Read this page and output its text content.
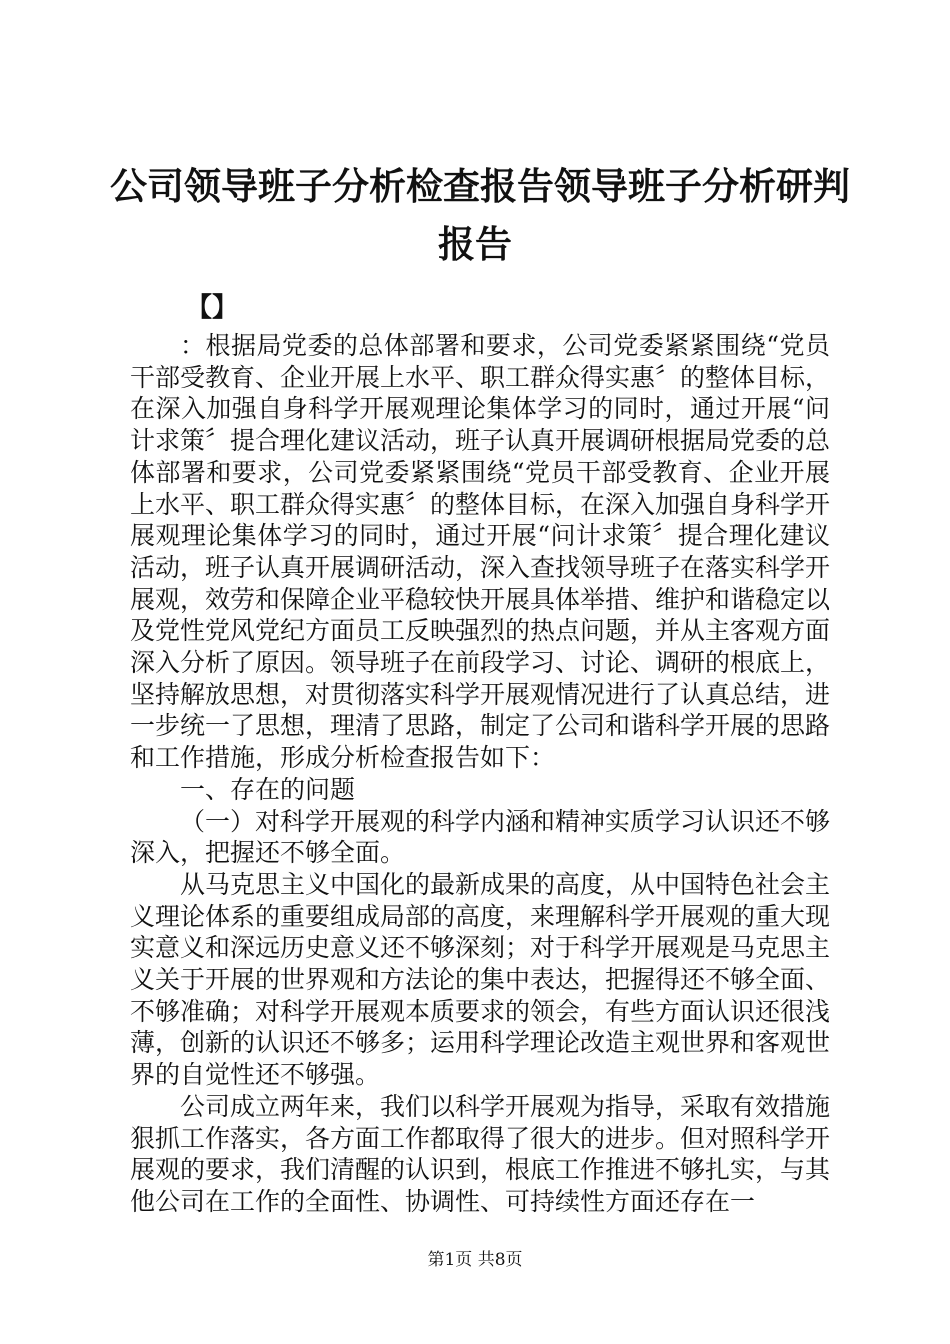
公司领导班子分析检查报告领导班子分析研判
报告
【】

：根据局党委的总体部署和要求，公司党委紧紧围绕“党员干部受教育、企业开展上水平、职工群众得实惠〞的整体目标，在深入加强自身科学开展观理论集体学习的同时，通过开展“问计求策〞提合理化建议活动，班子认真开展调研根据局党委的总体部署和要求，公司党委紧紧围绕“党员干部受教育、企业开展上水平、职工群众得实惠〞的整体目标，在深入加强自身科学开展观理论集体学习的同时，通过开展“问计求策〞提合理化建议活动，班子认真开展调研活动，深入查找领导班子在落实科学开展观，效劳和保障企业平稳较快开展具体举措、维护和谐稳定以及党性党风党纪方面员工反映强烈的热点问题，并从主客观方面深入分析了原因。领导班子在前段学习、讨论、调研的根底上，坚持解放思想，对贯彻落实科学开展观情况进行了认真总结，进一步统一了思想，理清了思路，制定了公司和谐科学开展的思路和工作措施，形成分析检查报告如下：

一、存在的问题

（一）对科学开展观的科学内涵和精神实质学习认识还不够深入，把握还不够全面。

从马克思主义中国化的最新成果的高度，从中国特色社会主义理论体系的重要组成局部的高度，来理解科学开展观的重大现实意义和深远历史意义还不够深刻；对于科学开展观是马克思主义关于开展的世界观和方法论的集中表达，把握得还不够全面、不够准确；对科学开展观本质要求的领会，有些方面认识还很浅薄，创新的认识还不够多；运用科学理论改造主观世界和客观世界的自觉性还不够强。

公司成立两年来，我们以科学开展观为指导，采取有效措施狠抓工作落实，各方面工作都取得了很大的进步。但对照科学开展观的要求，我们清醒的认识到，根底工作推进不够扎实，与其他公司在工作的全面性、协调性、可持续性方面还存在一

第1页 共8页
